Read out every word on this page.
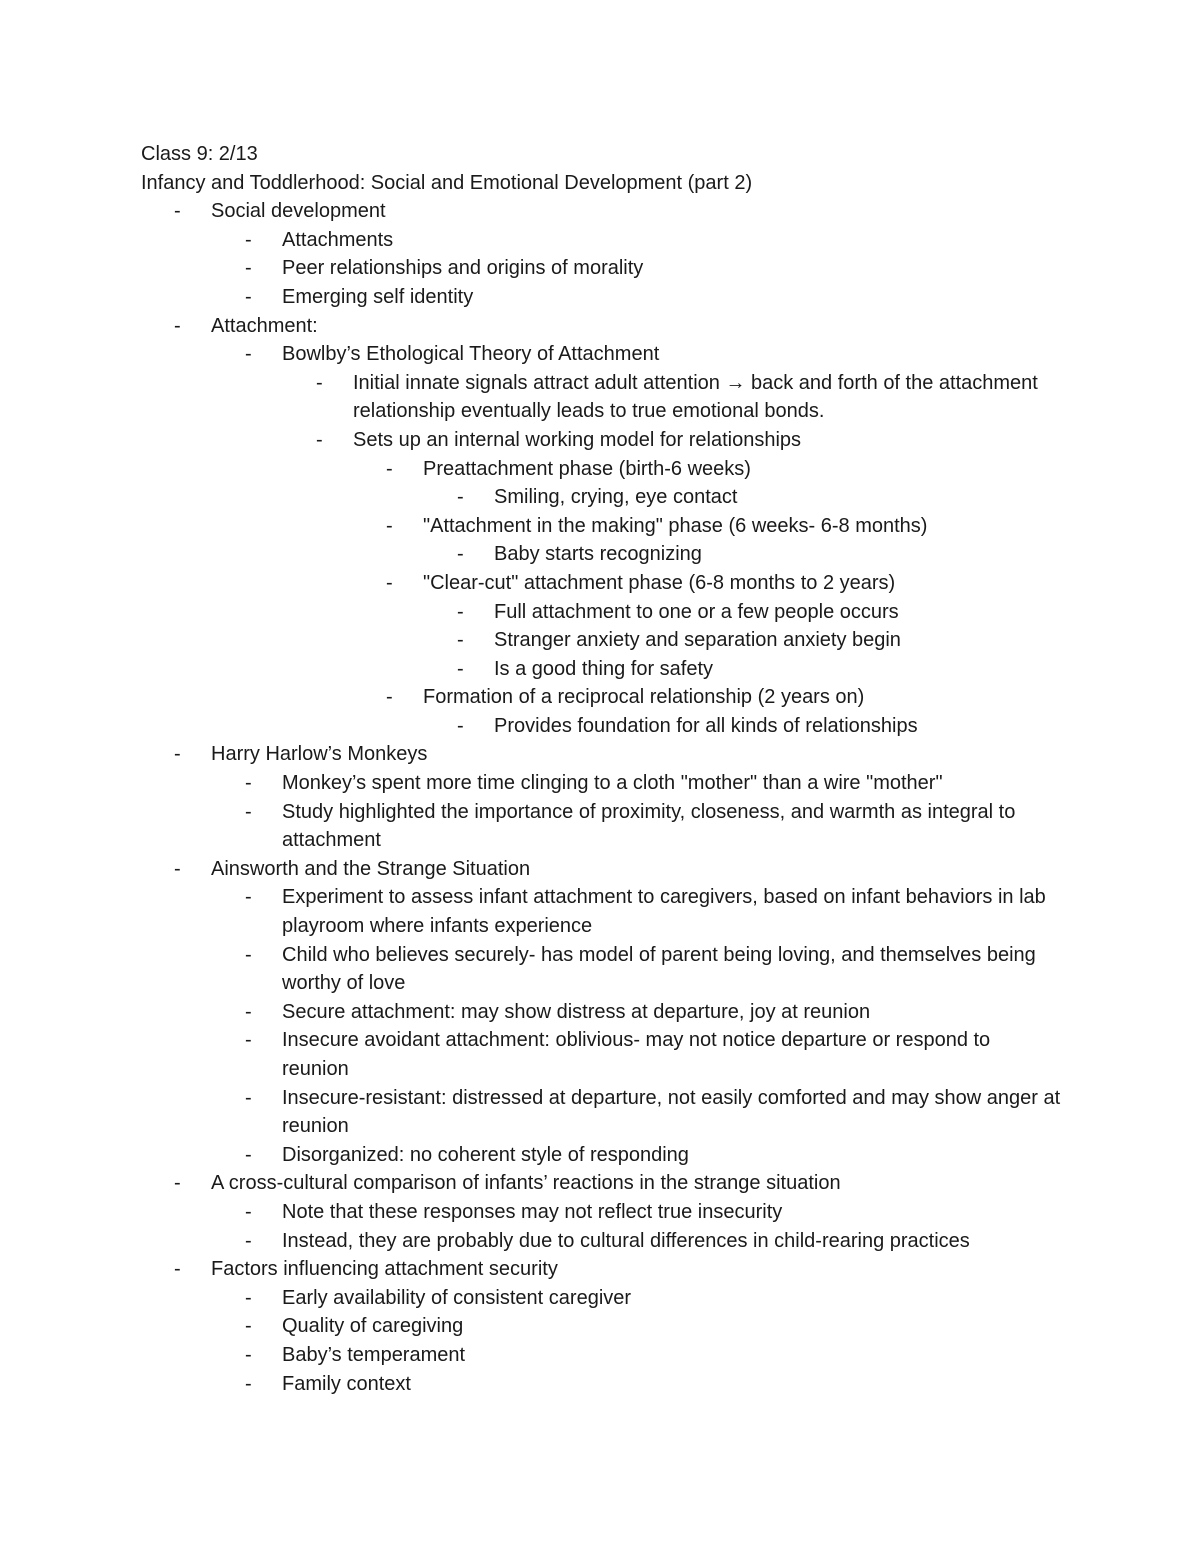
Class 9: 2/13
Infancy and Toddlerhood: Social and Emotional Development (part 2)
-	Social development
-	Attachments
-	Peer relationships and origins of morality
-	Emerging self identity
-	Attachment:
-	Bowlby’s Ethological Theory of Attachment
-	Initial innate signals attract adult attention → back and forth of the attachment relationship eventually leads to true emotional bonds.
-	Sets up an internal working model for relationships
-	Preattachment phase (birth-6 weeks)
-	Smiling, crying, eye contact
-	"Attachment in the making" phase (6 weeks- 6-8 months)
-	Baby starts recognizing
-	"Clear-cut" attachment phase (6-8 months to 2 years)
-	Full attachment to one or a few people occurs
-	Stranger anxiety and separation anxiety begin
-	Is a good thing for safety
-	Formation of a reciprocal relationship (2 years on)
-	Provides foundation for all kinds of relationships
-	Harry Harlow’s Monkeys
-	Monkey’s spent more time clinging to a cloth "mother" than a wire "mother"
-	Study highlighted the importance of proximity, closeness, and warmth as integral to attachment
-	Ainsworth and the Strange Situation
-	Experiment to assess infant attachment to caregivers, based on infant behaviors in lab playroom where infants experience
-	Child who believes securely- has model of parent being loving, and themselves being worthy of love
-	Secure attachment: may show distress at departure, joy at reunion
-	Insecure avoidant attachment: oblivious- may not notice departure or respond to reunion
-	Insecure-resistant: distressed at departure, not easily comforted and may show anger at reunion
-	Disorganized: no coherent style of responding
-	A cross-cultural comparison of infants’ reactions in the strange situation
-	Note that these responses may not reflect true insecurity
-	Instead, they are probably due to cultural differences in child-rearing practices
-	Factors influencing attachment security
-	Early availability of consistent caregiver
-	Quality of caregiving
-	Baby’s temperament
-	Family context
